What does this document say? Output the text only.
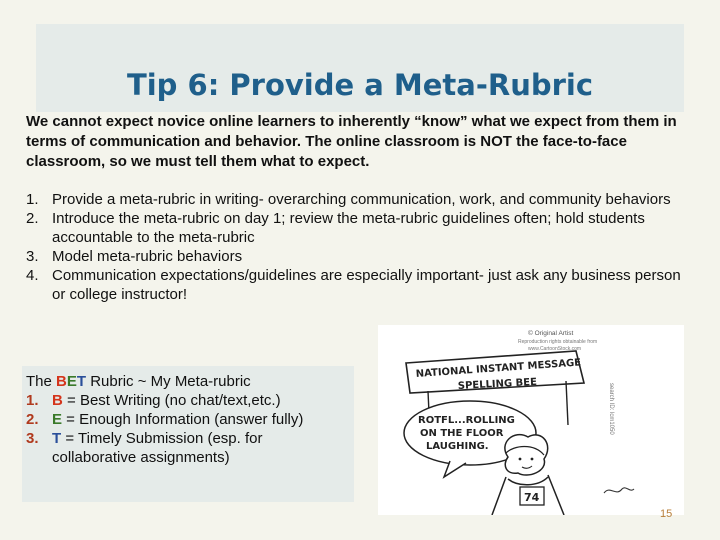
Tip 6: Provide a Meta-Rubric

We cannot expect novice online learners to inherently “know” what we expect from them in terms of communication and behavior. The online classroom is NOT the face-to-face classroom, so we must tell them what to expect.

1. Provide a meta-rubric in writing- overarching communication, work, and community behaviors
2. Introduce the meta-rubric on day 1; review the meta-rubric guidelines often; hold students accountable to the meta-rubric
3. Model meta-rubric behaviors
4. Communication expectations/guidelines are especially important- just ask any business person or college instructor!

The BET Rubric ~ My Meta-rubric

1. B = Best Writing (no chat/text,etc.)
2. E = Enough Information (answer fully)
3. T = Timely Submission (esp. for collaborative assignments)
© Original Artist
Reproduction rights obtainable from
www.CartoonStock.com
NATIONAL INSTANT MESSAGE
SPELLING BEE
ROTFL...ROLLING
ON THE FLOOR
LAUGHING.
74
search ID: lcm1050
15
